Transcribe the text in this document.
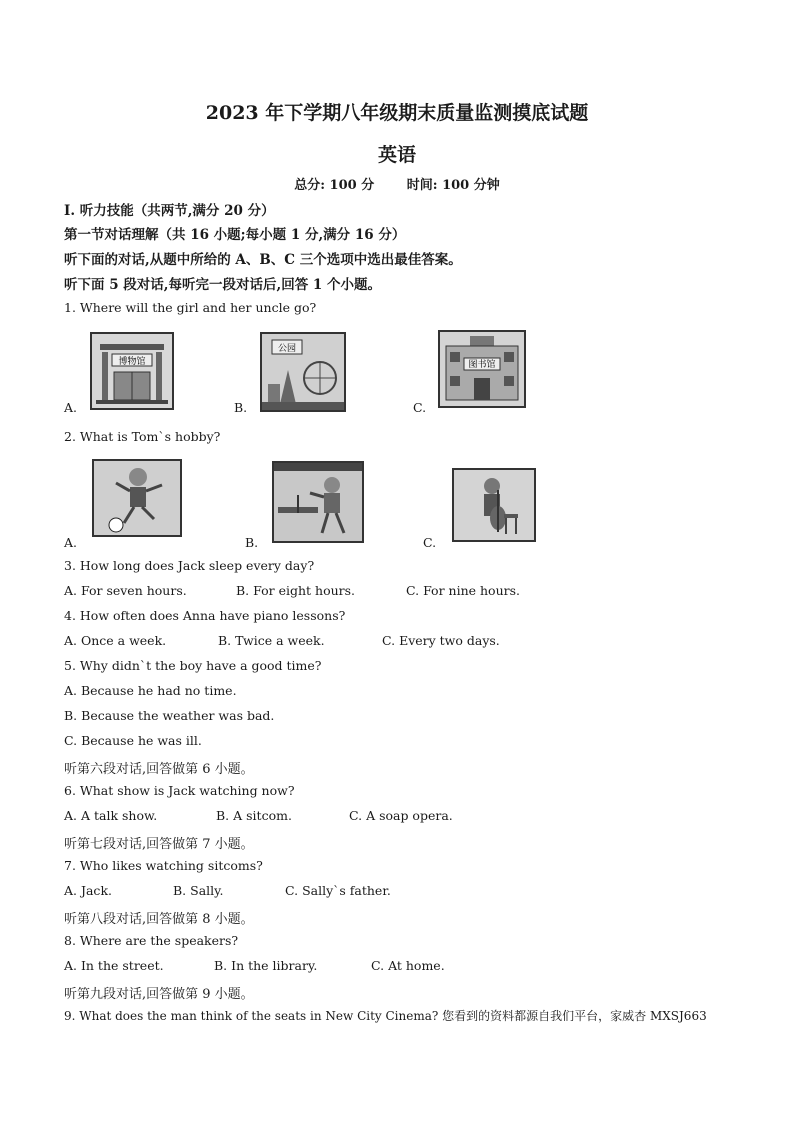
2023 年下学期八年级期末质量监测摸底试题
英语
总分: 100 分	时间: 100 分钟
Ⅰ. 听力技能（共两节,满分 20 分）
第一节对话理解（共 16 小题;每小题 1 分,满分 16 分）
听下面的对话,从题中所给的 A、B、C 三个选项中选出最佳答案。
听下面 5 段对话,每听完一段对话后,回答 1 个小题。
1. Where will the girl and her uncle go?
博物馆
A.
公园
B.
图书馆
C.
2. What is Tom`s hobby?
A.	B.	C.
3. How long does Jack sleep every day?
A. For seven hours.	B. For eight hours.	C. For nine hours.
4. How often does Anna have piano lessons?
A. Once a week.	B. Twice a week.	C. Every two days.
5. Why didn`t the boy have a good time?
A. Because he had no time.
B. Because the weather was bad.
C. Because he was ill.
听第六段对话,回答做第 6 小题。
6. What show is Jack watching now?
A. A talk show.	B. A sitcom.	C. A soap opera.
听第七段对话,回答做第 7 小题。
7. Who likes watching sitcoms?
A. Jack.	B. Sally.	C. Sally`s father.
听第八段对话,回答做第 8 小题。
8. Where are the speakers?
A. In the street.	B. In the library.	C. At home.
听第九段对话,回答做第 9 小题。
9. What does the man think of the seats in New City Cinema? 您看到的资料都源自我们平台，家威杏 MXSJ663
